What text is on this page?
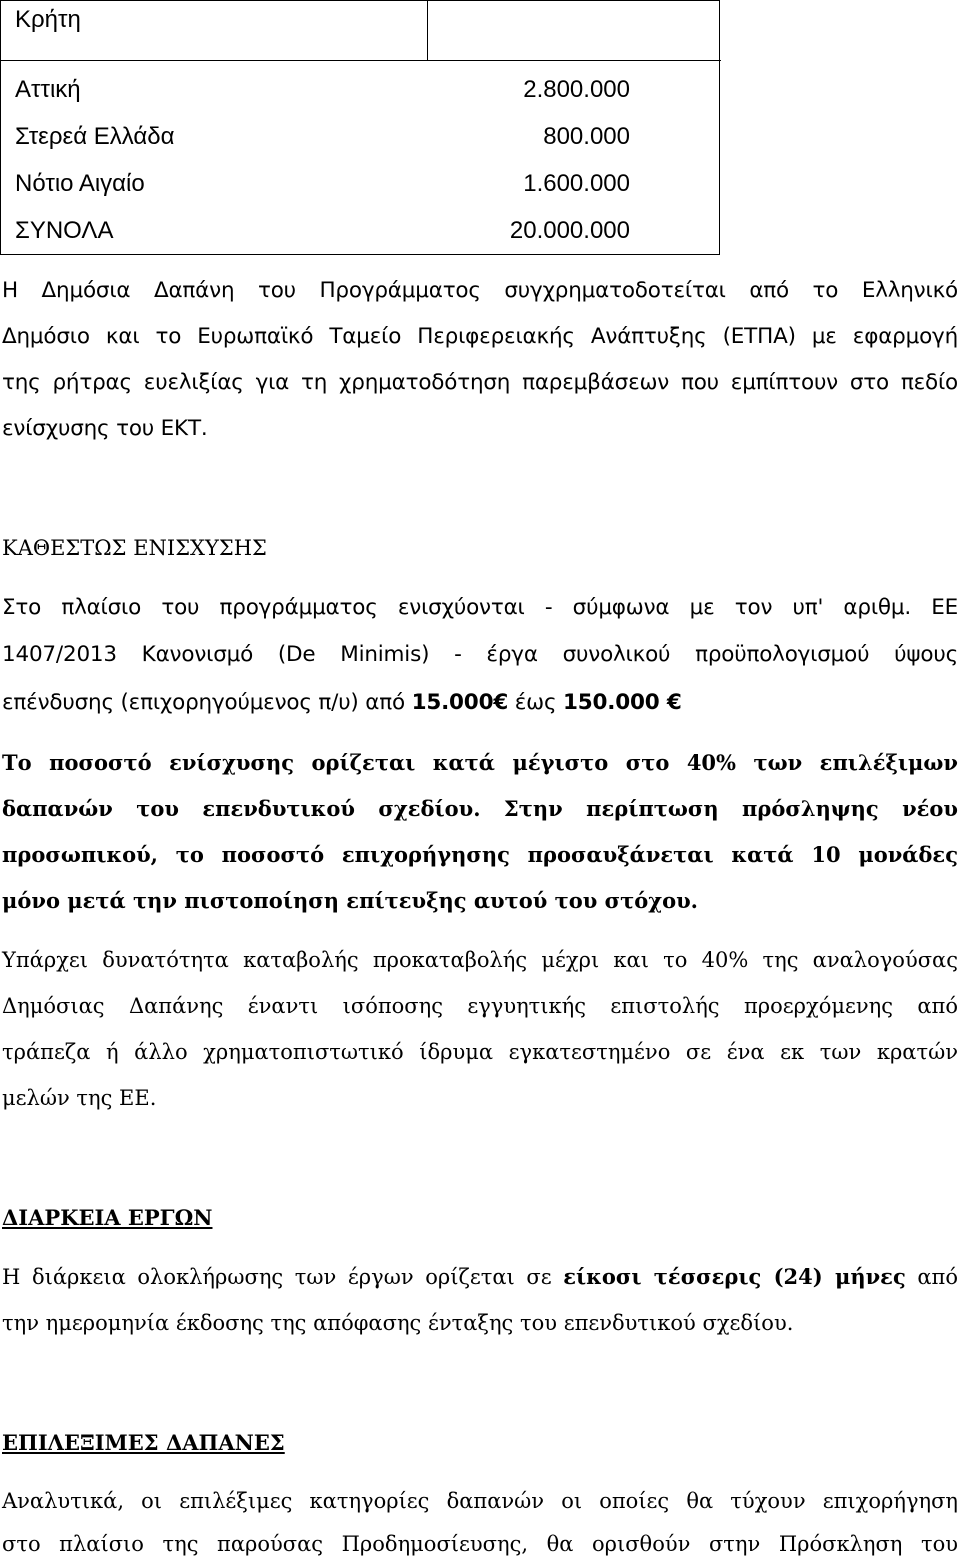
Κρήτη
Αττική	2.800.000
Στερεά Ελλάδα	800.000
Νότιο Αιγαίο	1.600.000
ΣΥΝΟΛΑ	20.000.000
Η Δημόσια Δαπάνη του Προγράμματος συγχρηματοδοτείται από το Ελληνικό
Δημόσιο και το Ευρωπαϊκό Ταμείο Περιφερειακής Ανάπτυξης (ΕΤΠΑ) με εφαρμογή
της ρήτρας ευελιξίας για τη χρηματοδότηση παρεμβάσεων που εμπίπτουν στο πεδίο
ενίσχυσης του ΕΚΤ.
ΚΑΘΕΣΤΩΣ ΕΝΙΣΧΥΣΗΣ
Στο πλαίσιο του προγράμματος ενισχύονται - σύμφωνα με τον υπ' αριθμ. ΕΕ
1407/2013 Κανονισμό (De Minimis) - έργα συνολικού προϋπολογισμού ύψους
επένδυσης (επιχορηγούμενος π/υ) από 15.000€ έως 150.000 €
Το ποσοστό ενίσχυσης ορίζεται κατά μέγιστο στο 40% των επιλέξιμων
δαπανών του επενδυτικού σχεδίου. Στην περίπτωση πρόσληψης νέου
προσωπικού, το ποσοστό επιχορήγησης προσαυξάνεται κατά 10 μονάδες
μόνο μετά την πιστοποίηση επίτευξης αυτού του στόχου.
Υπάρχει δυνατότητα καταβολής προκαταβολής μέχρι και το 40% της αναλογούσας
Δημόσιας Δαπάνης έναντι ισόποσης εγγυητικής επιστολής προερχόμενης από
τράπεζα ή άλλο χρηματοπιστωτικό ίδρυμα εγκατεστημένο σε ένα εκ των κρατών
μελών της ΕΕ.
ΔΙΑΡΚΕΙΑ ΕΡΓΩΝ
Η διάρκεια ολοκλήρωσης των έργων ορίζεται σε είκοσι τέσσερις (24) μήνες από
την ημερομηνία έκδοσης της απόφασης ένταξης του επενδυτικού σχεδίου.
ΕΠΙΛΕΞΙΜΕΣ ΔΑΠΑΝΕΣ
Αναλυτικά, οι επιλέξιμες κατηγορίες δαπανών οι οποίες θα τύχουν επιχορήγηση
στο πλαίσιο της παρούσας Προδημοσίευσης, θα ορισθούν στην Πρόσκληση του
